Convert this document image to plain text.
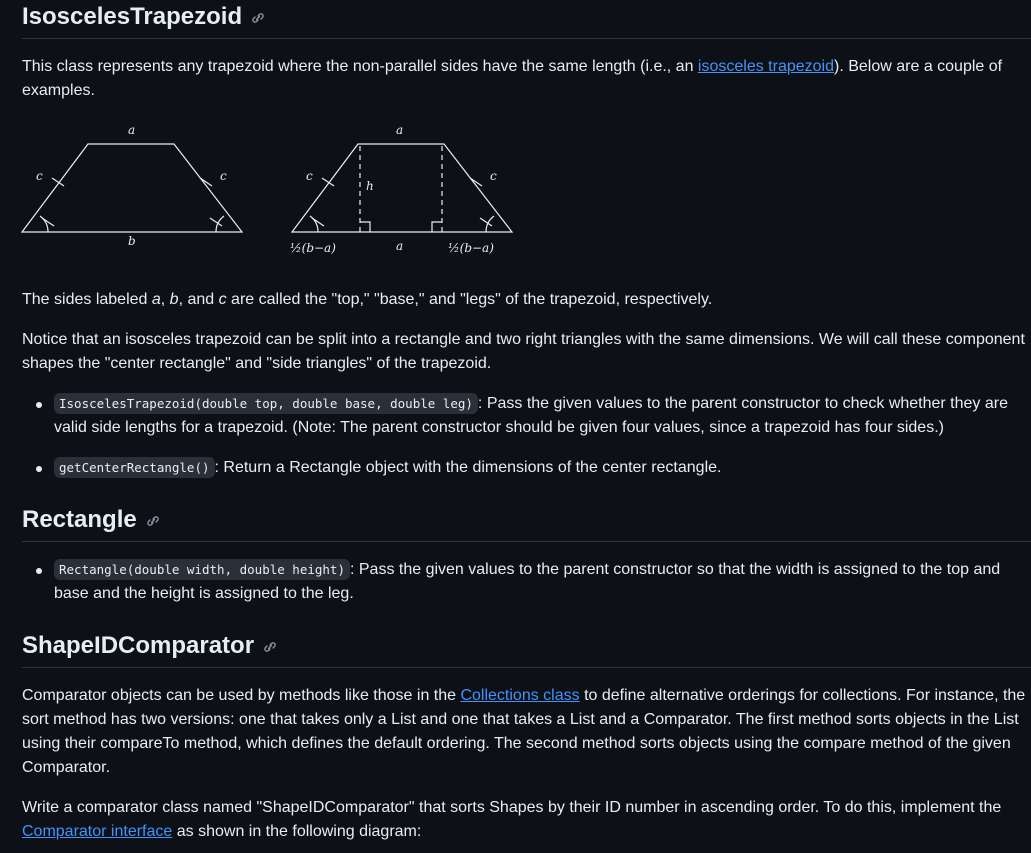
IsoscelesTrapezoid

This class represents any trapezoid where the non-parallel sides have the same length (i.e., an isosceles trapezoid). Below are a couple of examples.

a
b
c	c
a
c	c
h
½(b−a)	a	½(b−a)

The sides labeled a, b, and c are called the "top," "base," and "legs" of the trapezoid, respectively.

Notice that an isosceles trapezoid can be split into a rectangle and two right triangles with the same dimensions. We will call these component shapes the "center rectangle" and "side triangles" of the trapezoid.

IsoscelesTrapezoid(double top, double base, double leg) : Pass the given values to the parent constructor to check whether they are valid side lengths for a trapezoid. (Note: The parent constructor should be given four values, since a trapezoid has four sides.)
getCenterRectangle() : Return a Rectangle object with the dimensions of the center rectangle.
Rectangle
Rectangle(double width, double height) : Pass the given values to the parent constructor so that the width is assigned to the top and base and the height is assigned to the leg.
ShapeIDComparator

Comparator objects can be used by methods like those in the Collections class to define alternative orderings for collections. For instance, the sort method has two versions: one that takes only a List and one that takes a List and a Comparator. The first method sorts objects in the List using their compareTo method, which defines the default ordering. The second method sorts objects using the compare method of the given Comparator.

Write a comparator class named "ShapeIDComparator" that sorts Shapes by their ID number in ascending order. To do this, implement the Comparator interface as shown in the following diagram:
